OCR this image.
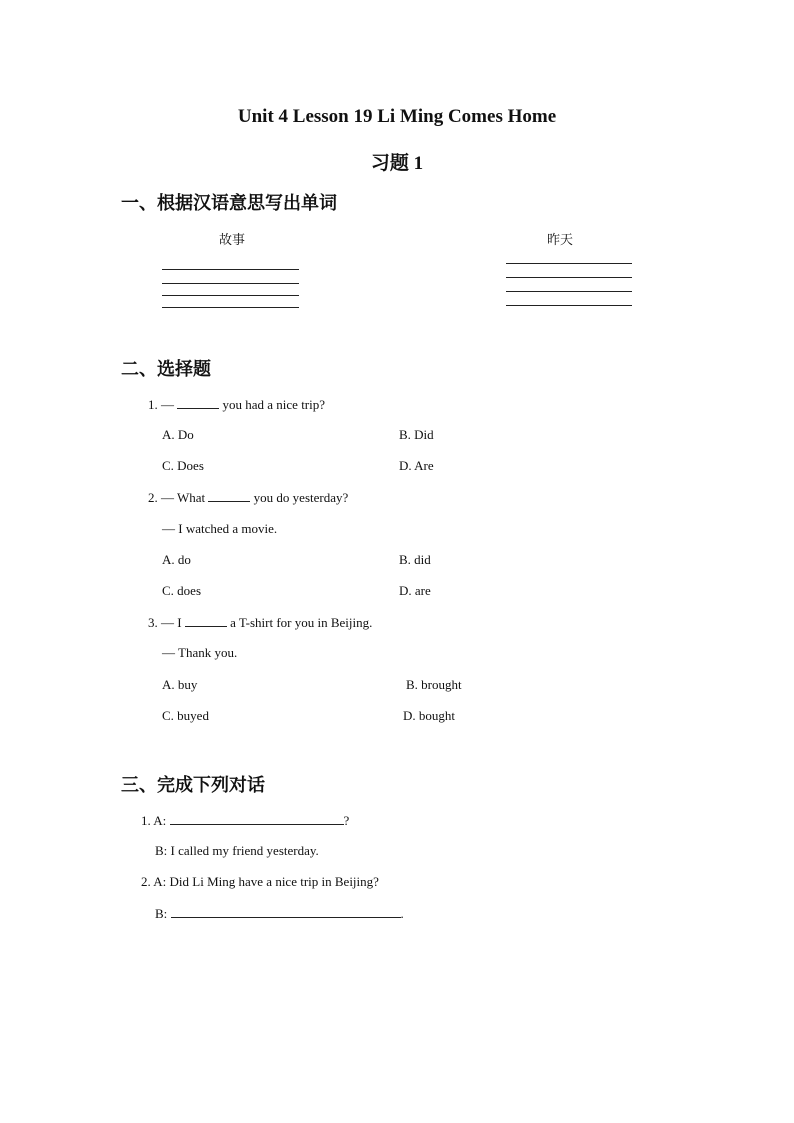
Unit 4 Lesson 19 Li Ming Comes Home
习题 1
一、根据汉语意思写出单词
故事	昨天
二、选择题
1. —	you had a nice trip?
A. Do	B. Did
C. Does	D. Are
2. — What	you do yesterday?
— I watched a movie.
A. do	B. did
C. does	D. are
3. — I	a T-shirt for you in Beijing.
— Thank you.
A. buy	B. brought
C. buyed	D. bought
三、完成下列对话
1. A:	?
B: I called my friend yesterday.
2. A: Did Li Ming have a nice trip in Beijing?
B:	.
